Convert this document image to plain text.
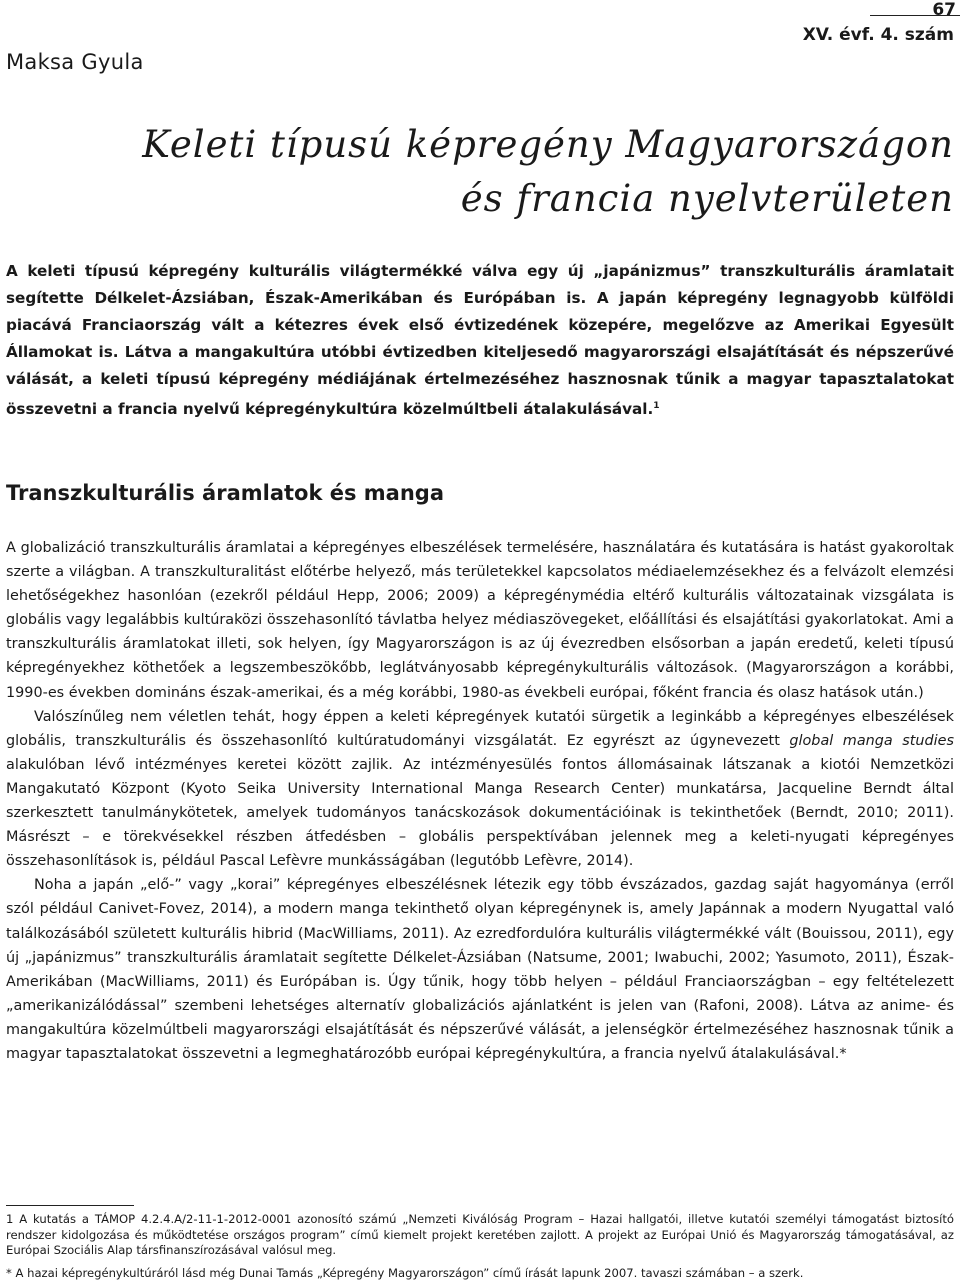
67
XV. évf. 4. szám
Maksa Gyula
Keleti típusú képregény Magyarországon
és francia nyelvterületen

A keleti típusú képregény kulturális világtermékké válva egy új „japánizmus” transzkulturális áramlatait segítette Délkelet-Ázsiában, Észak-Amerikában és Európában is. A japán képregény legnagyobb külföldi piacává Franciaország vált a kétezres évek első évtizedének közepére, megelőzve az Amerikai Egyesült Államokat is. Látva a mangakultúra utóbbi évtizedben kiteljesedő magyarországi elsajátítását és népszerűvé válását, a keleti típusú képregény médiájának értelmezéséhez hasznosnak tűnik a magyar tapasztalatokat összevetni a francia nyelvű képregénykultúra közelmúltbeli átalakulásával.$^1$

Transzkulturális áramlatok és manga

A globalizáció transzkulturális áramlatai a képregényes elbeszélések termelésére, használatára és kutatására is hatást gyakoroltak szerte a világban. A transzkulturalitást előtérbe helyező, más területekkel kapcsolatos médiaelemzésekhez és a felvázolt elemzési lehetőségekhez hasonlóan (ezekről például Hepp, 2006; 2009) a képregénymédia eltérő kulturális változatainak vizsgálata is globális vagy legalábbis kultúraközi összehasonlító távlatba helyez médiaszövegeket, előállítási és elsajátítási gyakorlatokat. Ami a transzkulturális áramlatokat illeti, sok helyen, így Magyarországon is az új évezredben elsősorban a japán eredetű, keleti típusú képregényekhez köthetőek a legszembeszökőbb, leglátványosabb képregénykulturális változások. (Magyarországon a korábbi, 1990-es években domináns észak-amerikai, és a még korábbi, 1980-as évekbeli európai, főként francia és olasz hatások után.)

Valószínűleg nem véletlen tehát, hogy éppen a keleti képregények kutatói sürgetik a leginkább a képregényes elbeszélések globális, transzkulturális és összehasonlító kultúratudományi vizsgálatát. Ez egyrészt az úgynevezett global manga studies alakulóban lévő intézményes keretei között zajlik. Az intézményesülés fontos állomásainak látszanak a kiotói Nemzetközi Mangakutató Központ (Kyoto Seika University International Manga Research Center) munkatársa, Jacqueline Berndt által szerkesztett tanulmánykötetek, amelyek tudományos tanácskozások dokumentációinak is tekinthetőek (Berndt, 2010; 2011). Másrészt – e törekvésekkel részben átfedésben – globális perspektívában jelennek meg a keleti-nyugati képregényes összehasonlítások is, például Pascal Lefèvre munkásságában (legutóbb Lefèvre, 2014).

Noha a japán „elő-” vagy „korai” képregényes elbeszélésnek létezik egy több évszázados, gazdag saját hagyománya (erről szól például Canivet-Fovez, 2014), a modern manga tekinthető olyan képregénynek is, amely Japánnak a modern Nyugattal való találkozásából született kulturális hibrid (MacWilliams, 2011). Az ezredfordulóra kulturális világtermékké vált (Bouissou, 2011), egy új „japánizmus” transzkulturális áramlatait segítette Délkelet-Ázsiában (Natsume, 2001; Iwabuchi, 2002; Yasumoto, 2011), Észak-Amerikában (MacWilliams, 2011) és Európában is. Úgy tűnik, hogy több helyen – például Franciaországban – egy feltételezett „amerikanizálódással” szembeni lehetséges alternatív globalizációs ajánlatként is jelen van (Rafoni, 2008). Látva az anime- és mangakultúra közelmúltbeli magyarországi elsajátítását és népszerűvé válását, a jelenségkör értelmezéséhez hasznosnak tűnik a magyar tapasztalatokat összevetni a legmeghatározóbb európai képregénykultúra, a francia nyelvű átalakulásával.*

1 A kutatás a TÁMOP 4.2.4.A/2-11-1-2012-0001 azonosító számú „Nemzeti Kiválóság Program – Hazai hallgatói, illetve kutatói személyi támogatást biztosító rendszer kidolgozása és működtetése országos program” című kiemelt projekt keretében zajlott. A projekt az Európai Unió és Magyarország támogatásával, az Európai Szociális Alap társfinanszírozásával valósul meg.
* A hazai képregénykultúráról lásd még Dunai Tamás „Képregény Magyarországon” című írását lapunk 2007. tavaszi számában – a szerk.
